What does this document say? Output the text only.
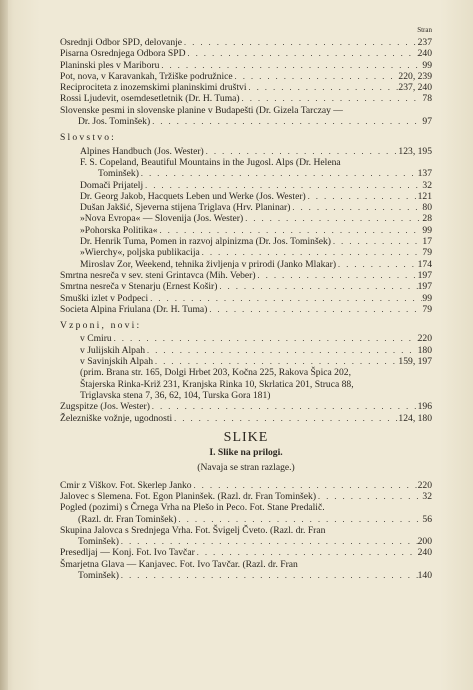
Stran
Osrednji Odbor SPD, delovanje . . .	237
Pisarna Osrednjega Odbora SPD . . .	240
Planinski ples v Mariboru . . .	99
Pot, nova, v Karavankah, Tržiške podružnice . . .	220, 239
Reciprociteta z inozemskimi planinskimi društvi . . .	237, 240
Rossi Ljudevit, osemdesetletnik (Dr. H. Tuma) . . .	78
Slovenske pesmi in slovenske planine v Budapešti (Dr. Gizela Tarczay —
Dr. Jos. Tominšek) . . .	97
Slovstvo:
Alpines Handbuch (Jos. Wester) . . .	123, 195
F. S. Copeland, Beautiful Mountains in the Jugosl. Alps (Dr. Helena
Tominšek) . . .	137
Domači Prijatelj . . .	32
Dr. Georg Jakob, Hacquets Leben und Werke (Jos. Wester) . . .	121
Dušan Jakšić, Sjeverna stijena Triglava (Hrv. Planinar) . . .	80
»Nova Evropa« — Slovenija (Jos. Wester) . . .	28
»Pohorska Politika« . . .	99
Dr. Henrik Tuma, Pomen in razvoj alpinizma (Dr. Jos. Tominšek) . . .	17
»Wierchy«, poljska publikacija . . .	79
Miroslav Zor, Weekend, tehnika življenja v prirodi (Janko Mlakar) . . .	174
Smrtna nesreča v sev. steni Grintavca (Mih. Veber) . . .	197
Smrtna nesreča v Stenarju (Ernest Košir) . . .	197
Smuški izlet v Podpeci . . .	99
Societa Alpina Friulana (Dr. H. Tuma) . . .	79
Vzponi, novi:
v Cmiru . . .	220
v Julijskih Alpah . . .	180
v Savinjskih Alpah . . .	159, 197
(prim. Brana str. 165, Dolgi Hrbet 203, Kočna 225, Rakova Špica 202,
Štajerska Rinka-Križ 231, Kranjska Rinka 10, Skrlatica 201, Struca 88,
Triglavska stena 7, 36, 62, 104, Turska Gora 181)
Zugspitze (Jos. Wester) . . .	196
Železniške vožnje, ugodnosti . . .	124, 180
SLIKE
I. Slike na prilogi.
(Navaja se stran razlage.)
Cmir z Viškov. Fot. Skerlep Janko . . .	220
Jalovec s Slemena. Fot. Egon Planinšek. (Razl. dr. Fran Tominšek) . . .	32
Pogled (pozimi) s Črnega Vrha na Plešo in Peco. Fot. Stane Predalič.
(Razl. dr. Fran Tominšek) . . .	56
Skupina Jalovca s Srednjega Vrha. Fot. Švigelj Čveto. (Razl. dr. Fran
Tominšek) . . .	200
Presedljaj — Konj. Fot. Ivo Tavčar . . .	240
Šmarjetna Glava — Kanjavec. Fot. Ivo Tavčar. (Razl. dr. Fran
Tominšek) . . .	140
